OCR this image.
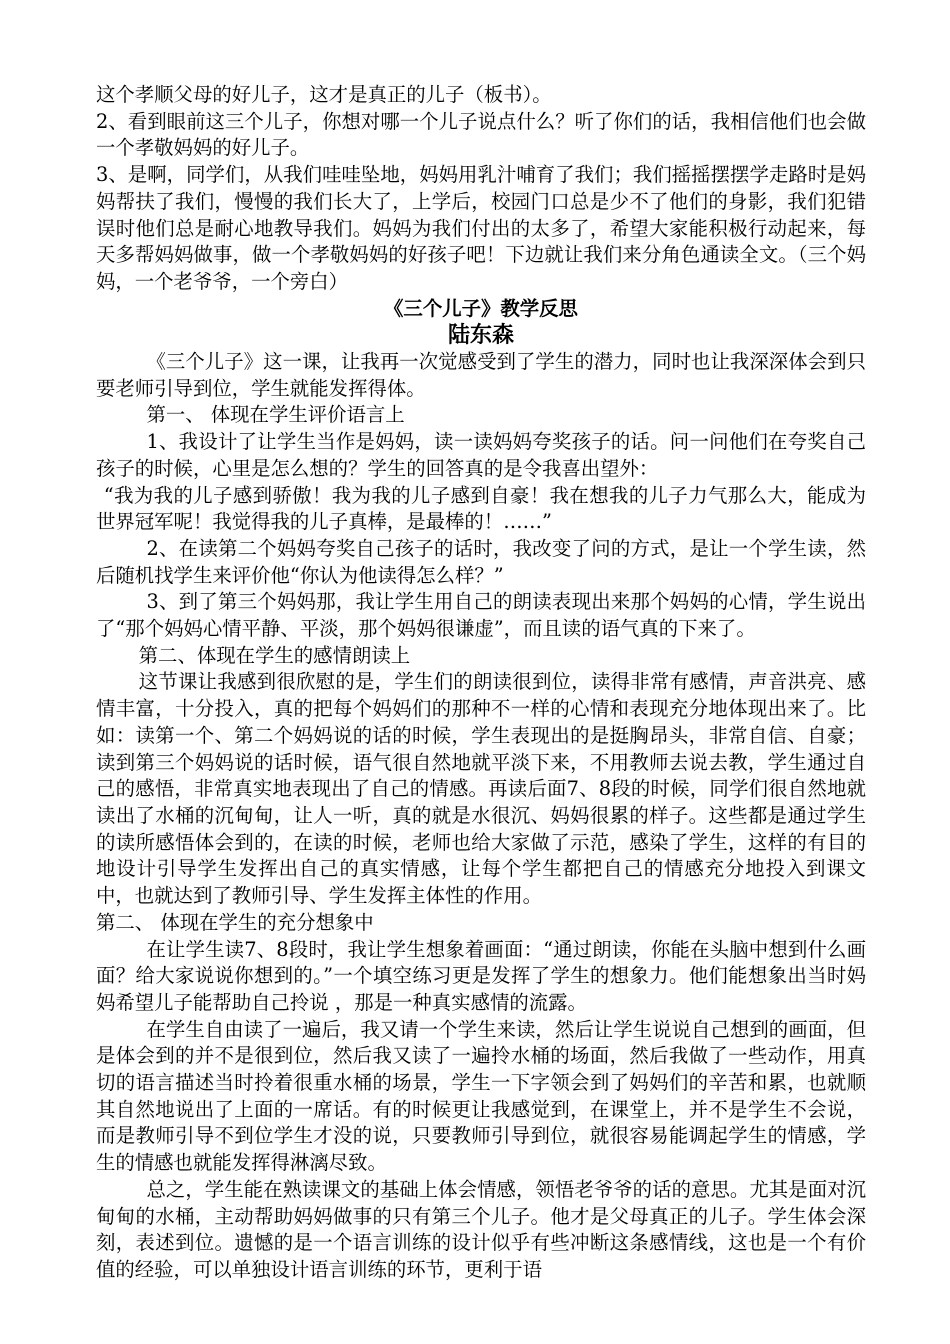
这个孝顺父母的好儿子，这才是真正的儿子（板书）。

2、看到眼前这三个儿子，你想对哪一个儿子说点什么？听了你们的话，我相信他们也会做一个孝敬妈妈的好儿子。

3、是啊，同学们，从我们哇哇坠地，妈妈用乳汁哺育了我们；我们摇摇摆摆学走路时是妈妈帮扶了我们，慢慢的我们长大了，上学后，校园门口总是少不了他们的身影，我们犯错误时他们总是耐心地教导我们。妈妈为我们付出的太多了，希望大家能积极行动起来，每天多帮妈妈做事，做一个孝敬妈妈的好孩子吧！下边就让我们来分角色通读全文。（三个妈妈，一个老爷爷，一个旁白）

《三个儿子》教学反思

陆东森

《三个儿子》这一课，让我再一次觉感受到了学生的潜力，同时也让我深深体会到只要老师引导到位，学生就能发挥得体。

第一、 体现在学生评价语言上

1、我设计了让学生当作是妈妈，读一读妈妈夸奖孩子的话。问一问他们在夸奖自己孩子的时候，心里是怎么想的？学生的回答真的是令我喜出望外：

“我为我的儿子感到骄傲！我为我的儿子感到自豪！我在想我的儿子力气那么大，能成为世界冠军呢！我觉得我的儿子真棒，是最棒的！……”

2、在读第二个妈妈夸奖自己孩子的话时，我改变了问的方式，是让一个学生读，然后随机找学生来评价他“你认为他读得怎么样？”

3、到了第三个妈妈那，我让学生用自己的朗读表现出来那个妈妈的心情，学生说出了“那个妈妈心情平静、平淡，那个妈妈很谦虚”，而且读的语气真的下来了。

第二、体现在学生的感情朗读上

这节课让我感到很欣慰的是，学生们的朗读很到位，读得非常有感情，声音洪亮、感情丰富，十分投入，真的把每个妈妈们的那种不一样的心情和表现充分地体现出来了。比如：读第一个、第二个妈妈说的话的时候，学生表现出的是挺胸昂头，非常自信、自豪；读到第三个妈妈说的话时候，语气很自然地就平淡下来，不用教师去说去教，学生通过自己的感悟，非常真实地表现出了自己的情感。再读后面7、8段的时候，同学们很自然地就读出了水桶的沉甸甸，让人一听，真的就是水很沉、妈妈很累的样子。这些都是通过学生的读所感悟体会到的，在读的时候，老师也给大家做了示范，感染了学生，这样的有目的地设计引导学生发挥出自己的真实情感，让每个学生都把自己的情感充分地投入到课文中，也就达到了教师引导、学生发挥主体性的作用。

第二、 体现在学生的充分想象中

在让学生读7、8段时，我让学生想象着画面：“通过朗读，你能在头脑中想到什么画面？给大家说说你想到的。”一个填空练习更是发挥了学生的想象力。他们能想象出当时妈妈希望儿子能帮助自己拎说 ，那是一种真实感情的流露。

在学生自由读了一遍后，我又请一个学生来读，然后让学生说说自己想到的画面，但是体会到的并不是很到位，然后我又读了一遍拎水桶的场面，然后我做了一些动作，用真切的语言描述当时拎着很重水桶的场景，学生一下字领会到了妈妈们的辛苦和累，也就顺其自然地说出了上面的一席话。有的时候更让我感觉到，在课堂上，并不是学生不会说，而是教师引导不到位学生才没的说，只要教师引导到位，就很容易能调起学生的情感，学生的情感也就能发挥得淋漓尽致。

总之，学生能在熟读课文的基础上体会情感，领悟老爷爷的话的意思。尤其是面对沉甸甸的水桶，主动帮助妈妈做事的只有第三个儿子。他才是父母真正的儿子。学生体会深刻，表述到位。遗憾的是一个语言训练的设计似乎有些冲断这条感情线，这也是一个有价值的经验，可以单独设计语言训练的环节，更利于语
